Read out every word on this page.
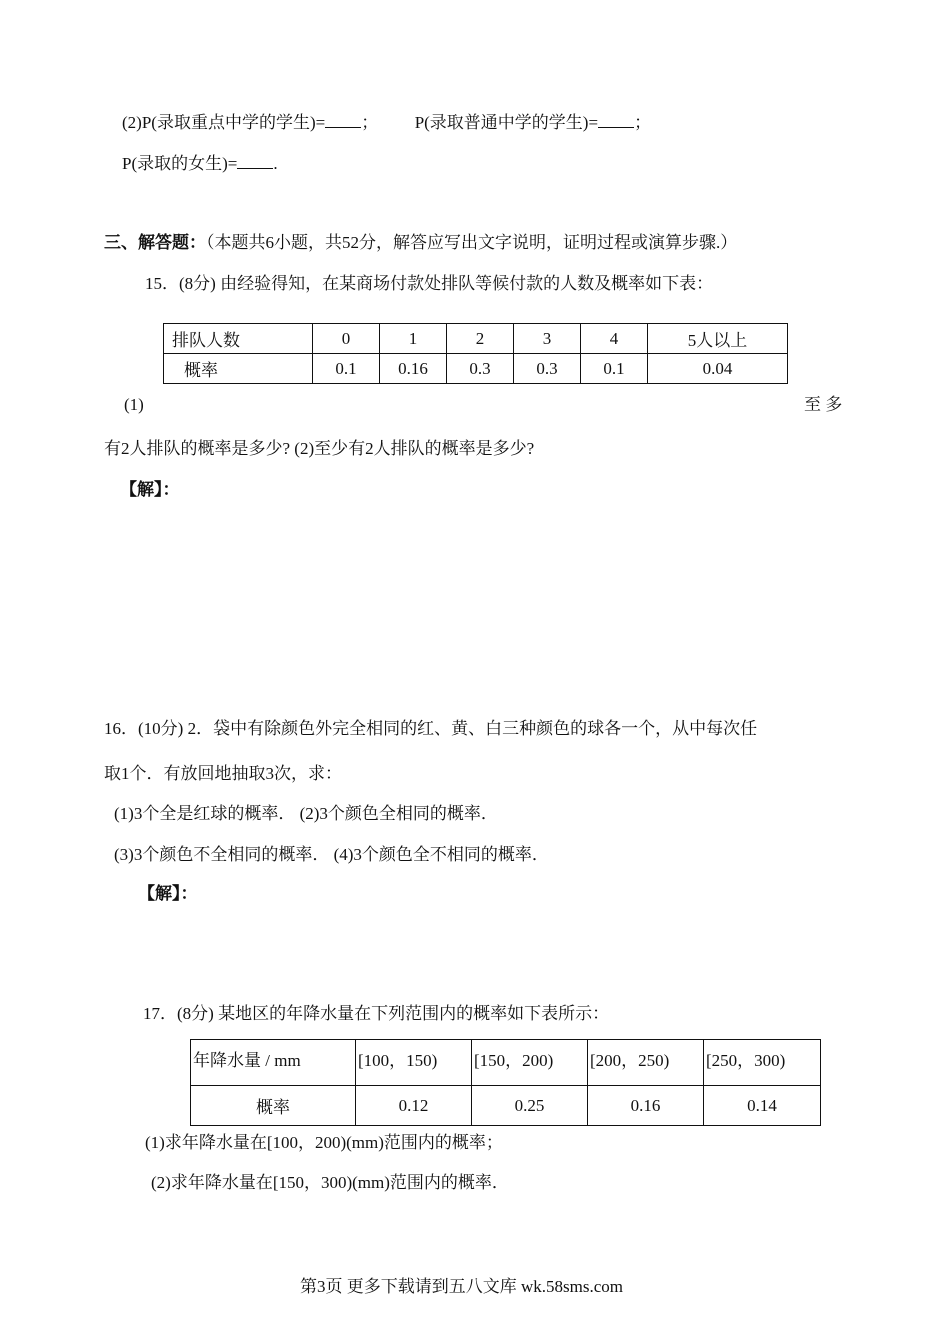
(2)P(录取重点中学的学生)= ； P(录取普通中学的学生)= ；
P(录取的女生)= .
三、解答题：（本题共6小题，共52分，解答应写出文字说明，证明过程或演算步骤.）
15．(8分) 由经验得知，在某商场付款处排队等候付款的人数及概率如下表：
排队人数	0	1	2	3	4	5人以上
概率	0.1	0.16	0.3	0.3	0.1	0.04
(1)	至 多
有2人排队的概率是多少? (2)至少有2人排队的概率是多少?
【解】：
16．(10分) 2．袋中有除颜色外完全相同的红、黄、白三种颜色的球各一个，从中每次任
取1个．有放回地抽取3次，求：
(1)3个全是红球的概率． (2)3个颜色全相同的概率．
(3)3个颜色不全相同的概率． (4)3个颜色全不相同的概率．
【解】：
17．(8分) 某地区的年降水量在下列范围内的概率如下表所示：
年降水量 / mm	[100，150)	[150，200)	[200，250)	[250，300)
概率	0.12	0.25	0.16	0.14
(1)求年降水量在[100，200)(mm)范围内的概率；
(2)求年降水量在[150，300)(mm)范围内的概率．
第3页 更多下载请到五八文库 wk.58sms.com
